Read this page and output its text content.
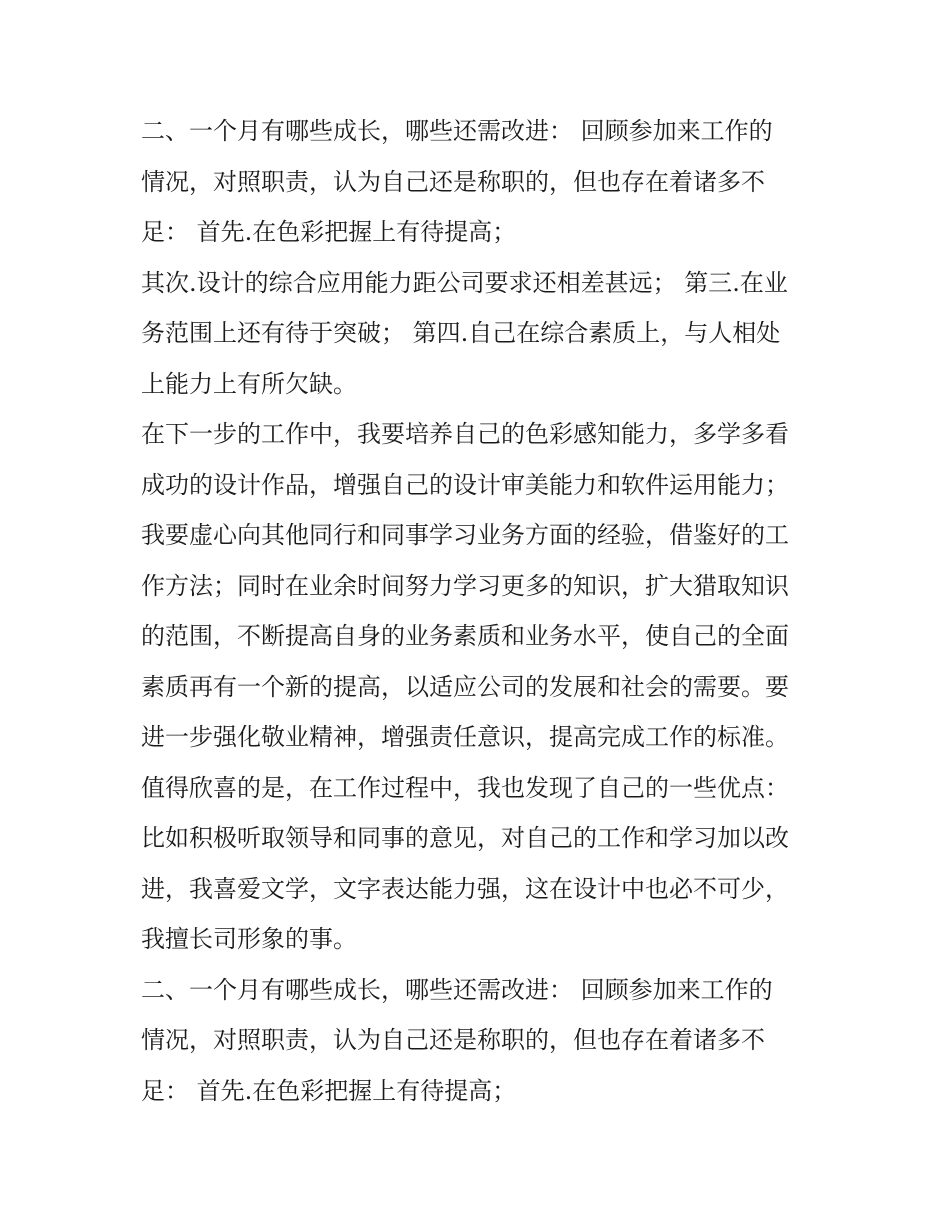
二、一个月有哪些成长，哪些还需改进： 回顾参加来工作的
情况，对照职责，认为自己还是称职的，但也存在着诸多不
足： 首先.在色彩把握上有待提高；

其次.设计的综合应用能力距公司要求还相差甚远； 第三.在业
务范围上还有待于突破； 第四.自己在综合素质上，与人相处
上能力上有所欠缺。

在下一步的工作中，我要培养自己的色彩感知能力，多学多看
成功的设计作品，增强自己的设计审美能力和软件运用能力；
我要虚心向其他同行和同事学习业务方面的经验，借鉴好的工
作方法；同时在业余时间努力学习更多的知识，扩大猎取知识
的范围，不断提高自身的业务素质和业务水平，使自己的全面
素质再有一个新的提高，以适应公司的发展和社会的需要。要
进一步强化敬业精神，增强责任意识，提高完成工作的标准。
值得欣喜的是，在工作过程中，我也发现了自己的一些优点：
比如积极听取领导和同事的意见，对自己的工作和学习加以改
进，我喜爱文学，文字表达能力强，这在设计中也必不可少，
我擅长司形象的事。

二、一个月有哪些成长，哪些还需改进： 回顾参加来工作的
情况，对照职责，认为自己还是称职的，但也存在着诸多不
足： 首先.在色彩把握上有待提高；
